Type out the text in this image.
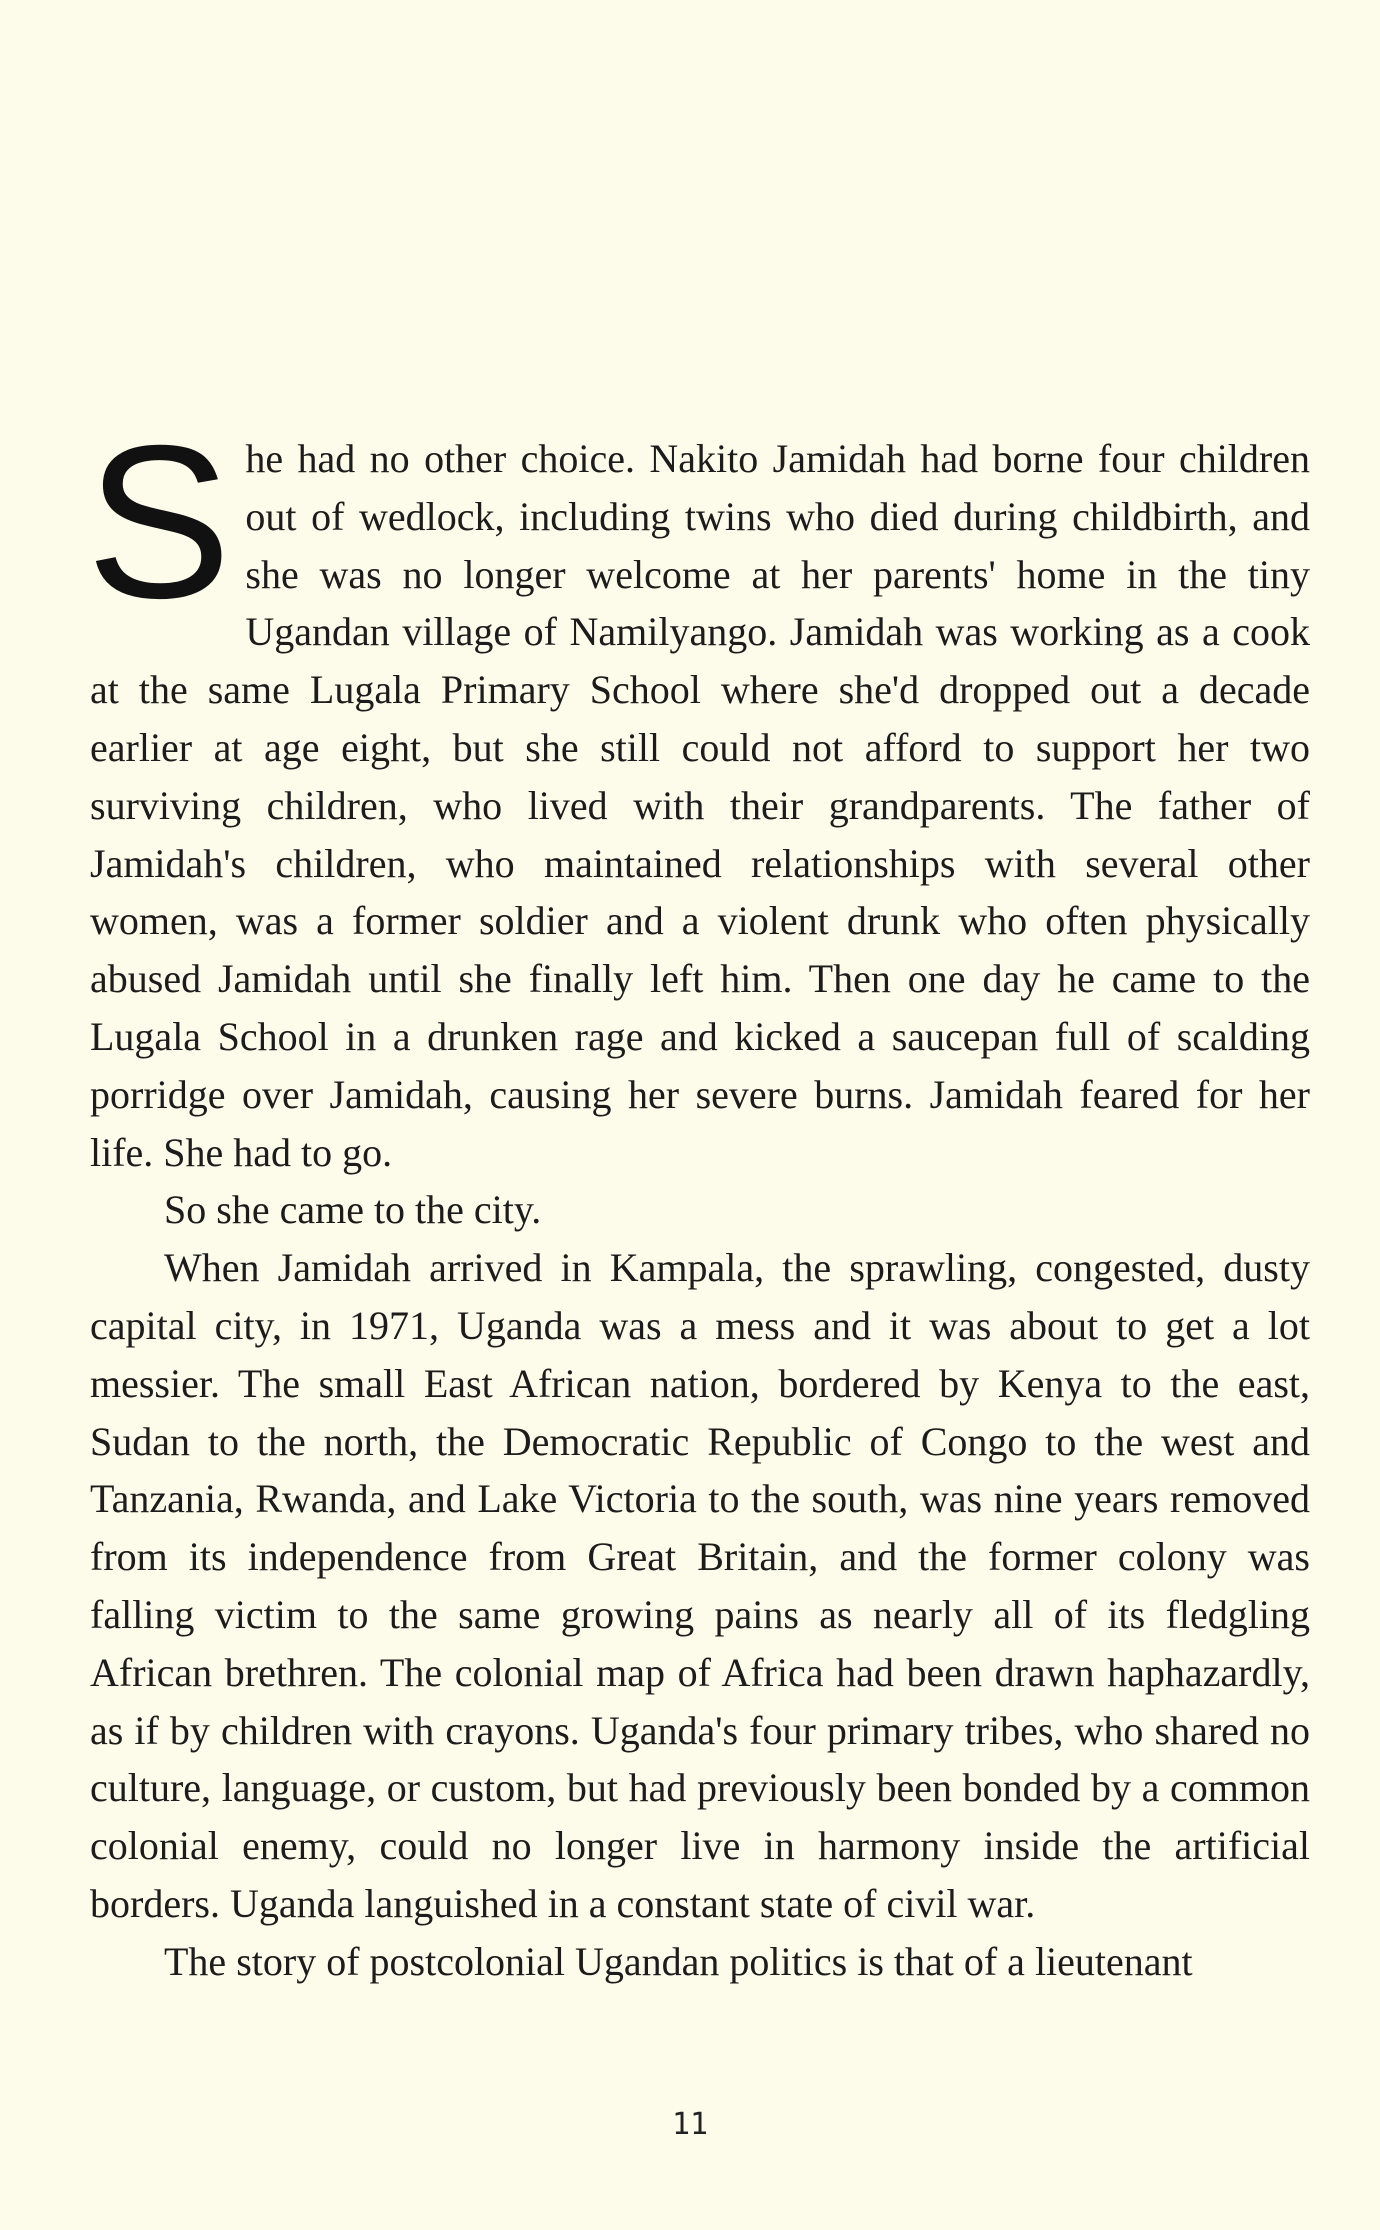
She had no other choice. Nakito Jamidah had borne four children out of wedlock, including twins who died during childbirth, and she was no longer welcome at her parents' home in the tiny Ugandan village of Namilyango. Jamidah was working as a cook at the same Lugala Primary School where she'd dropped out a decade earlier at age eight, but she still could not afford to support her two surviving children, who lived with their grandparents. The father of Jamidah's children, who maintained relationships with several other women, was a former soldier and a violent drunk who often physically abused Jamidah until she finally left him. Then one day he came to the Lugala School in a drunken rage and kicked a saucepan full of scalding porridge over Jamidah, causing her severe burns. Jamidah feared for her life. She had to go.

So she came to the city.

When Jamidah arrived in Kampala, the sprawling, congested, dusty capital city, in 1971, Uganda was a mess and it was about to get a lot messier. The small East African nation, bordered by Kenya to the east, Sudan to the north, the Democratic Republic of Congo to the west and Tanzania, Rwanda, and Lake Victoria to the south, was nine years removed from its independence from Great Britain, and the former colony was falling victim to the same growing pains as nearly all of its fledgling African brethren. The colonial map of Africa had been drawn haphazardly, as if by children with crayons. Uganda's four primary tribes, who shared no culture, language, or custom, but had previously been bonded by a common colonial enemy, could no longer live in harmony inside the artificial borders. Uganda languished in a constant state of civil war.

The story of postcolonial Ugandan politics is that of a lieutenant

11
